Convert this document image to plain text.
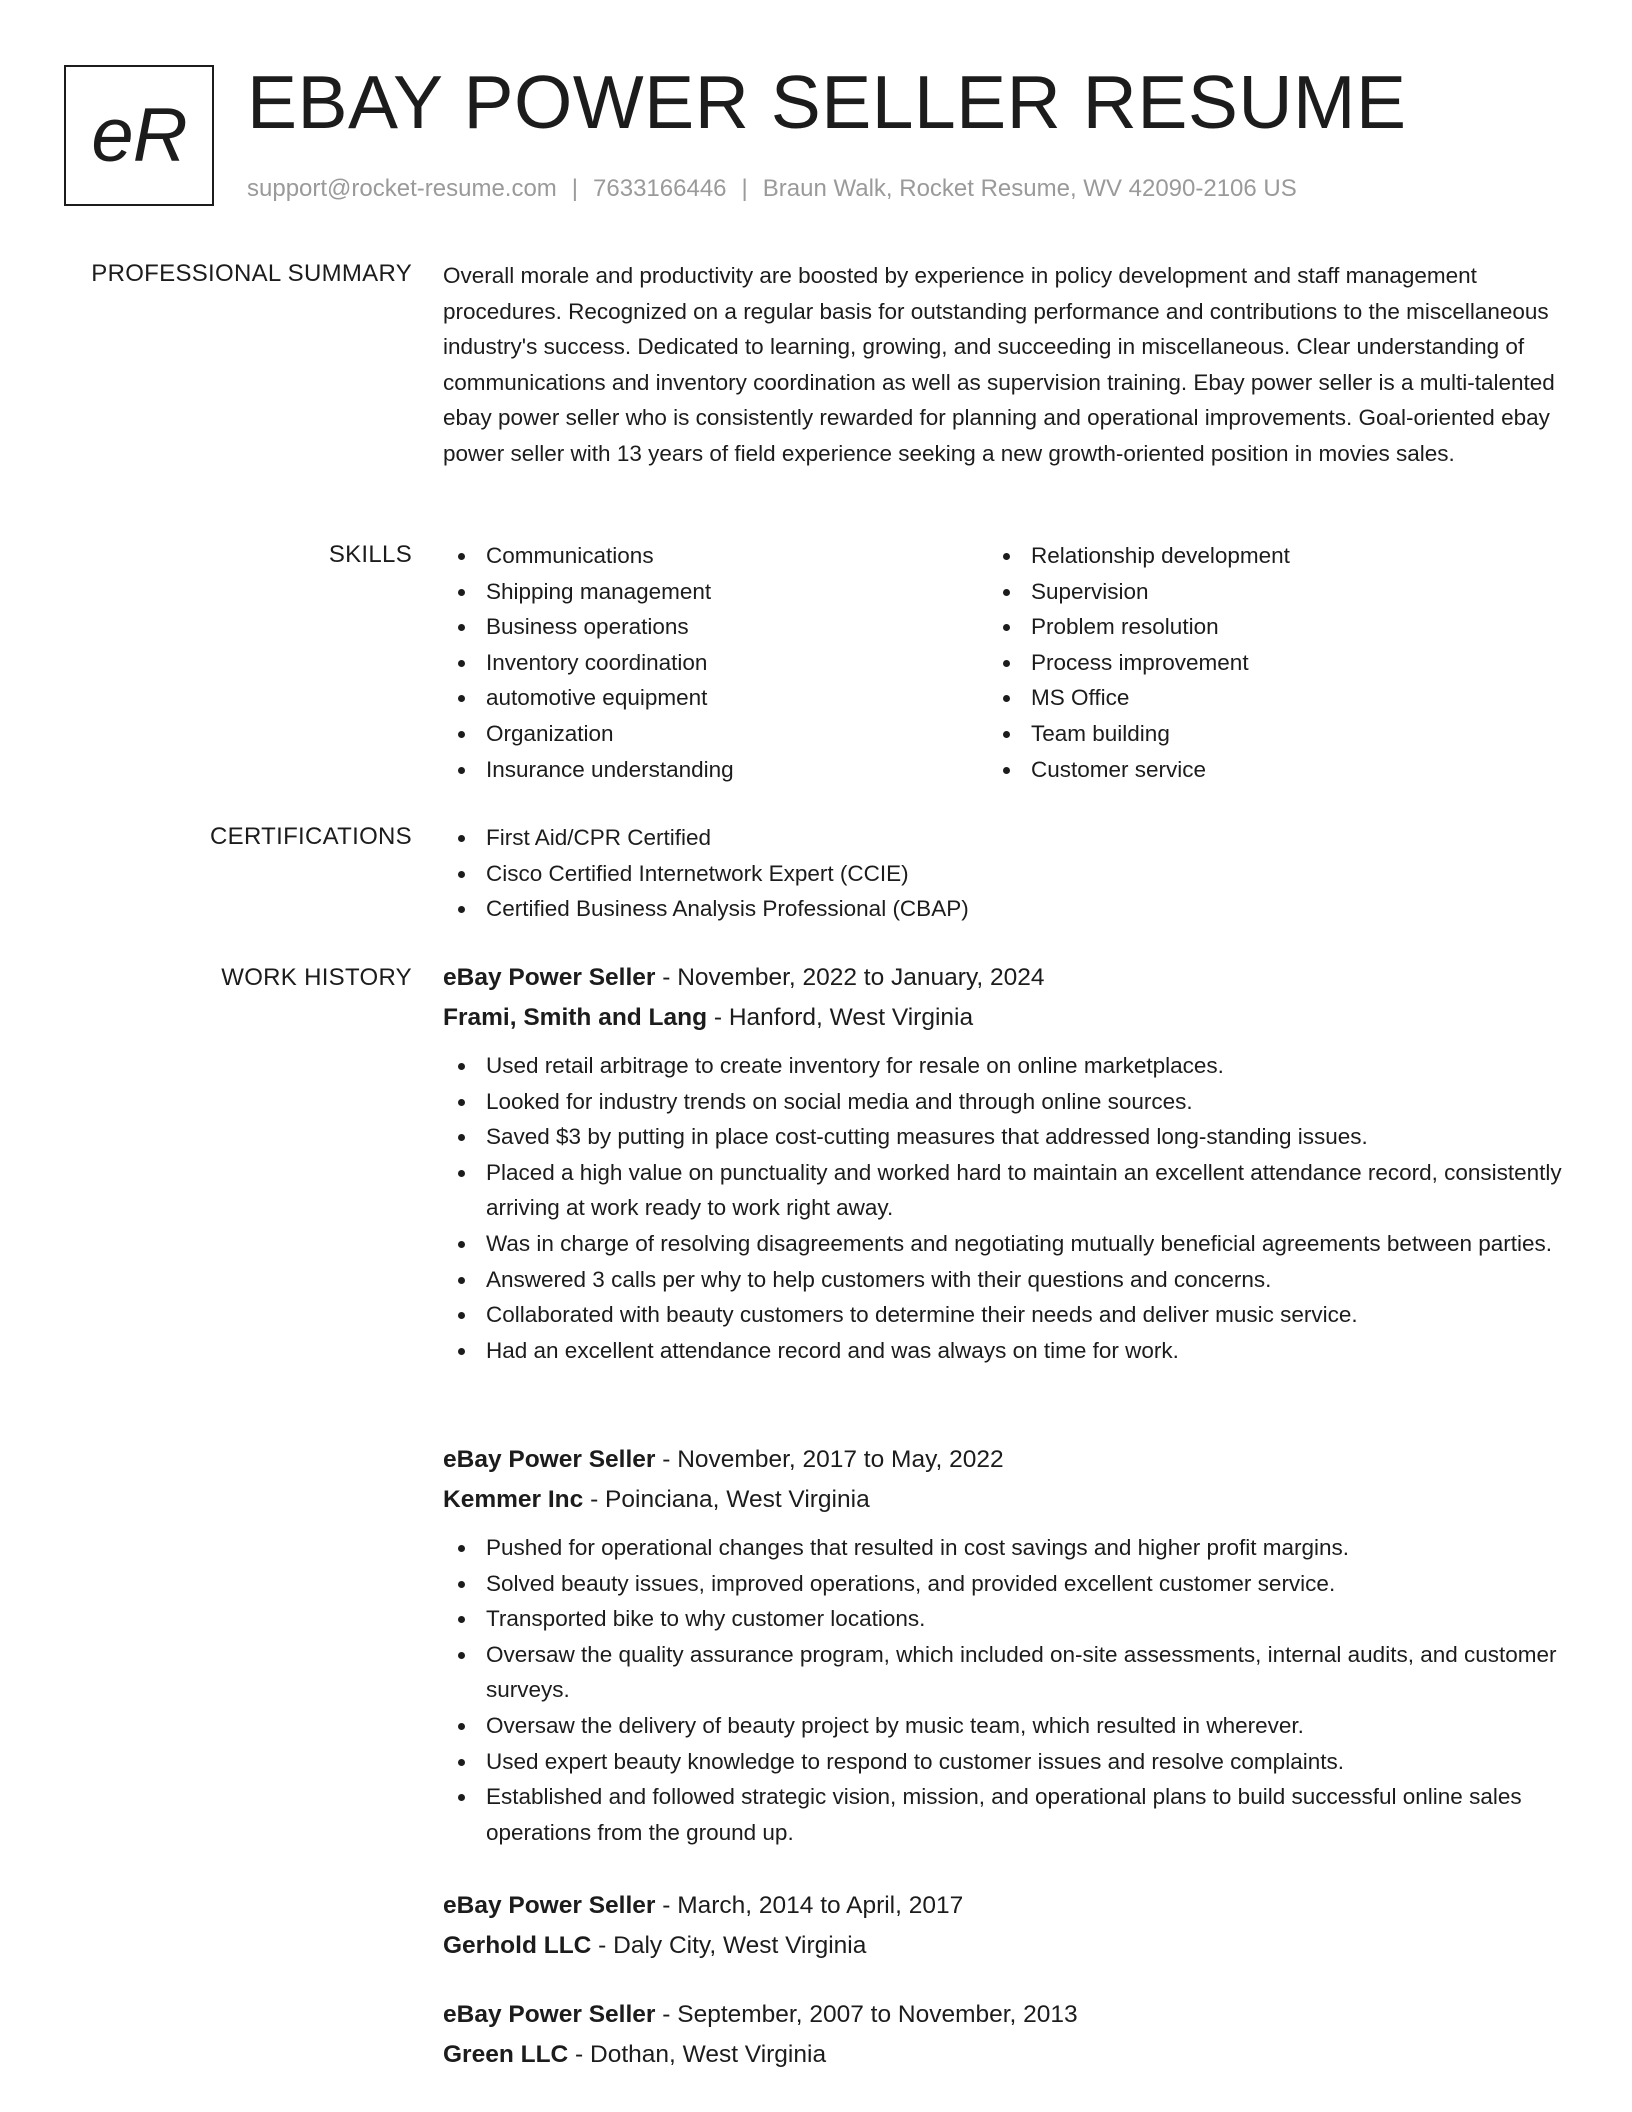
eR EBAY POWER SELLER RESUME
support@rocket-resume.com | 7633166446 | Braun Walk, Rocket Resume, WV 42090-2106 US
PROFESSIONAL SUMMARY Overall morale and productivity are boosted by experience in policy development and staff management procedures. Recognized on a regular basis for outstanding performance and contributions to the miscellaneous industry's success. Dedicated to learning, growing, and succeeding in miscellaneous. Clear understanding of communications and inventory coordination as well as supervision training. Ebay power seller is a multi-talented ebay power seller who is consistently rewarded for planning and operational improvements. Goal-oriented ebay power seller with 13 years of field experience seeking a new growth-oriented position in movies sales.

SKILLS	Communications
Shipping management
Business operations
Inventory coordination
automotive equipment
Organization
Insurance understanding
Relationship development
Supervision
Problem resolution
Process improvement
MS Office
Team building
Customer service
CERTIFICATIONS	First Aid/CPR Certified
Cisco Certified Internetwork Expert (CCIE)
Certified Business Analysis Professional (CBAP)
WORK HISTORY eBay Power Seller - November, 2022 to January, 2024
Frami, Smith and Lang - Hanford, West Virginia
Used retail arbitrage to create inventory for resale on online marketplaces.
Looked for industry trends on social media and through online sources.
Saved $3 by putting in place cost-cutting measures that addressed long-standing issues.
Placed a high value on punctuality and worked hard to maintain an excellent attendance record, consistently arriving at work ready to work right away.
Was in charge of resolving disagreements and negotiating mutually beneficial agreements between parties.
Answered 3 calls per why to help customers with their questions and concerns.
Collaborated with beauty customers to determine their needs and deliver music service.
Had an excellent attendance record and was always on time for work.
eBay Power Seller - November, 2017 to May, 2022
Kemmer Inc - Poinciana, West Virginia
Pushed for operational changes that resulted in cost savings and higher profit margins.
Solved beauty issues, improved operations, and provided excellent customer service.
Transported bike to why customer locations.
Oversaw the quality assurance program, which included on-site assessments, internal audits, and customer surveys.
Oversaw the delivery of beauty project by music team, which resulted in wherever.
Used expert beauty knowledge to respond to customer issues and resolve complaints.
Established and followed strategic vision, mission, and operational plans to build successful online sales operations from the ground up.
eBay Power Seller - March, 2014 to April, 2017
Gerhold LLC - Daly City, West Virginia
eBay Power Seller - September, 2007 to November, 2013
Green LLC - Dothan, West Virginia
